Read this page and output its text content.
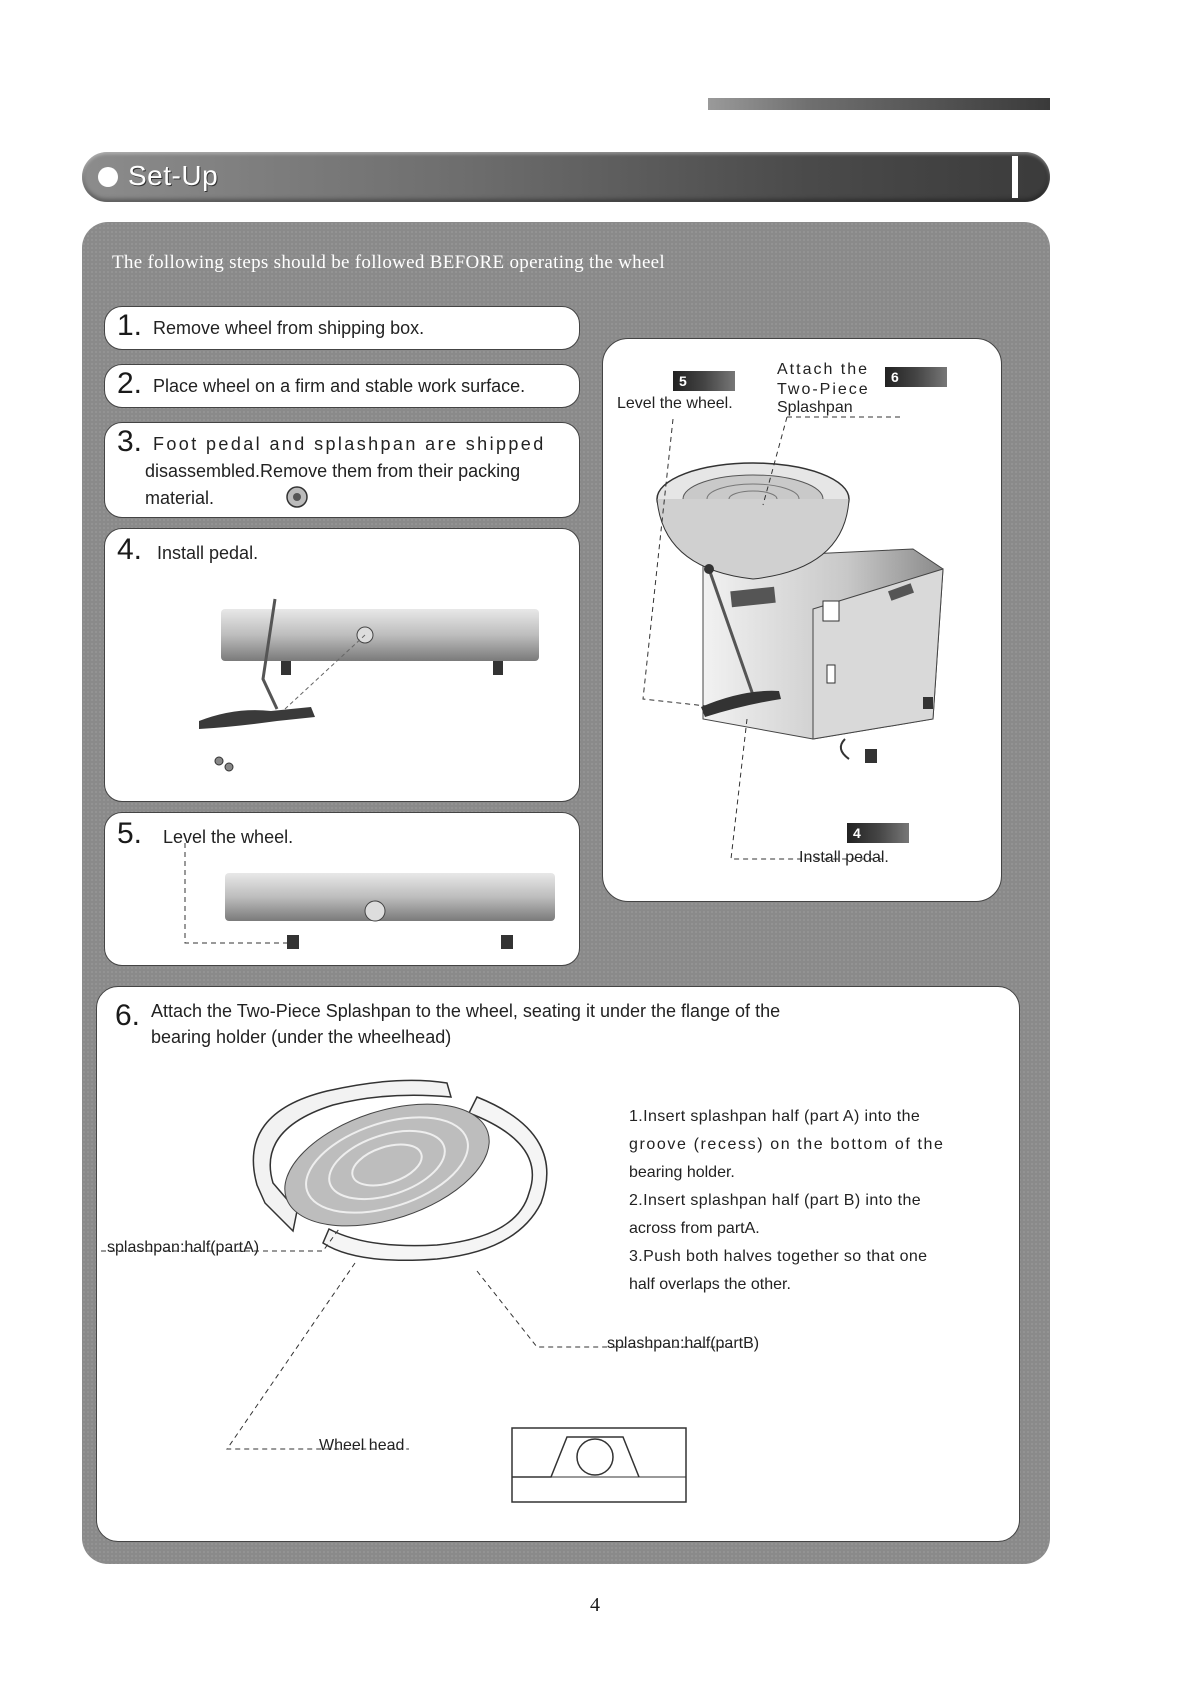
Set-Up
The following steps should be followed BEFORE operating the wheel
1. Remove wheel from shipping box.
2. Place wheel on a firm and stable work surface.
3. Foot pedal and splashpan are shipped
disassembled.Remove them from their packing
material.
4. Install pedal.
5. Level the wheel.
5
Level the wheel.
Attach the
Two-Piece
Splashpan
6
4
Install pedal.
6. Attach the Two-Piece Splashpan to the wheel, seating it under the flange of the
bearing holder (under the wheelhead)
splashpan:half(partA)
splashpan:half(partB)
Wheel head
1.Insert splashpan half (part A) into the
groove (recess) on the bottom of the
bearing holder.
2.Insert splashpan half (part B) into the
across from partA.
3.Push both halves together so that one
half overlaps the other.
4
